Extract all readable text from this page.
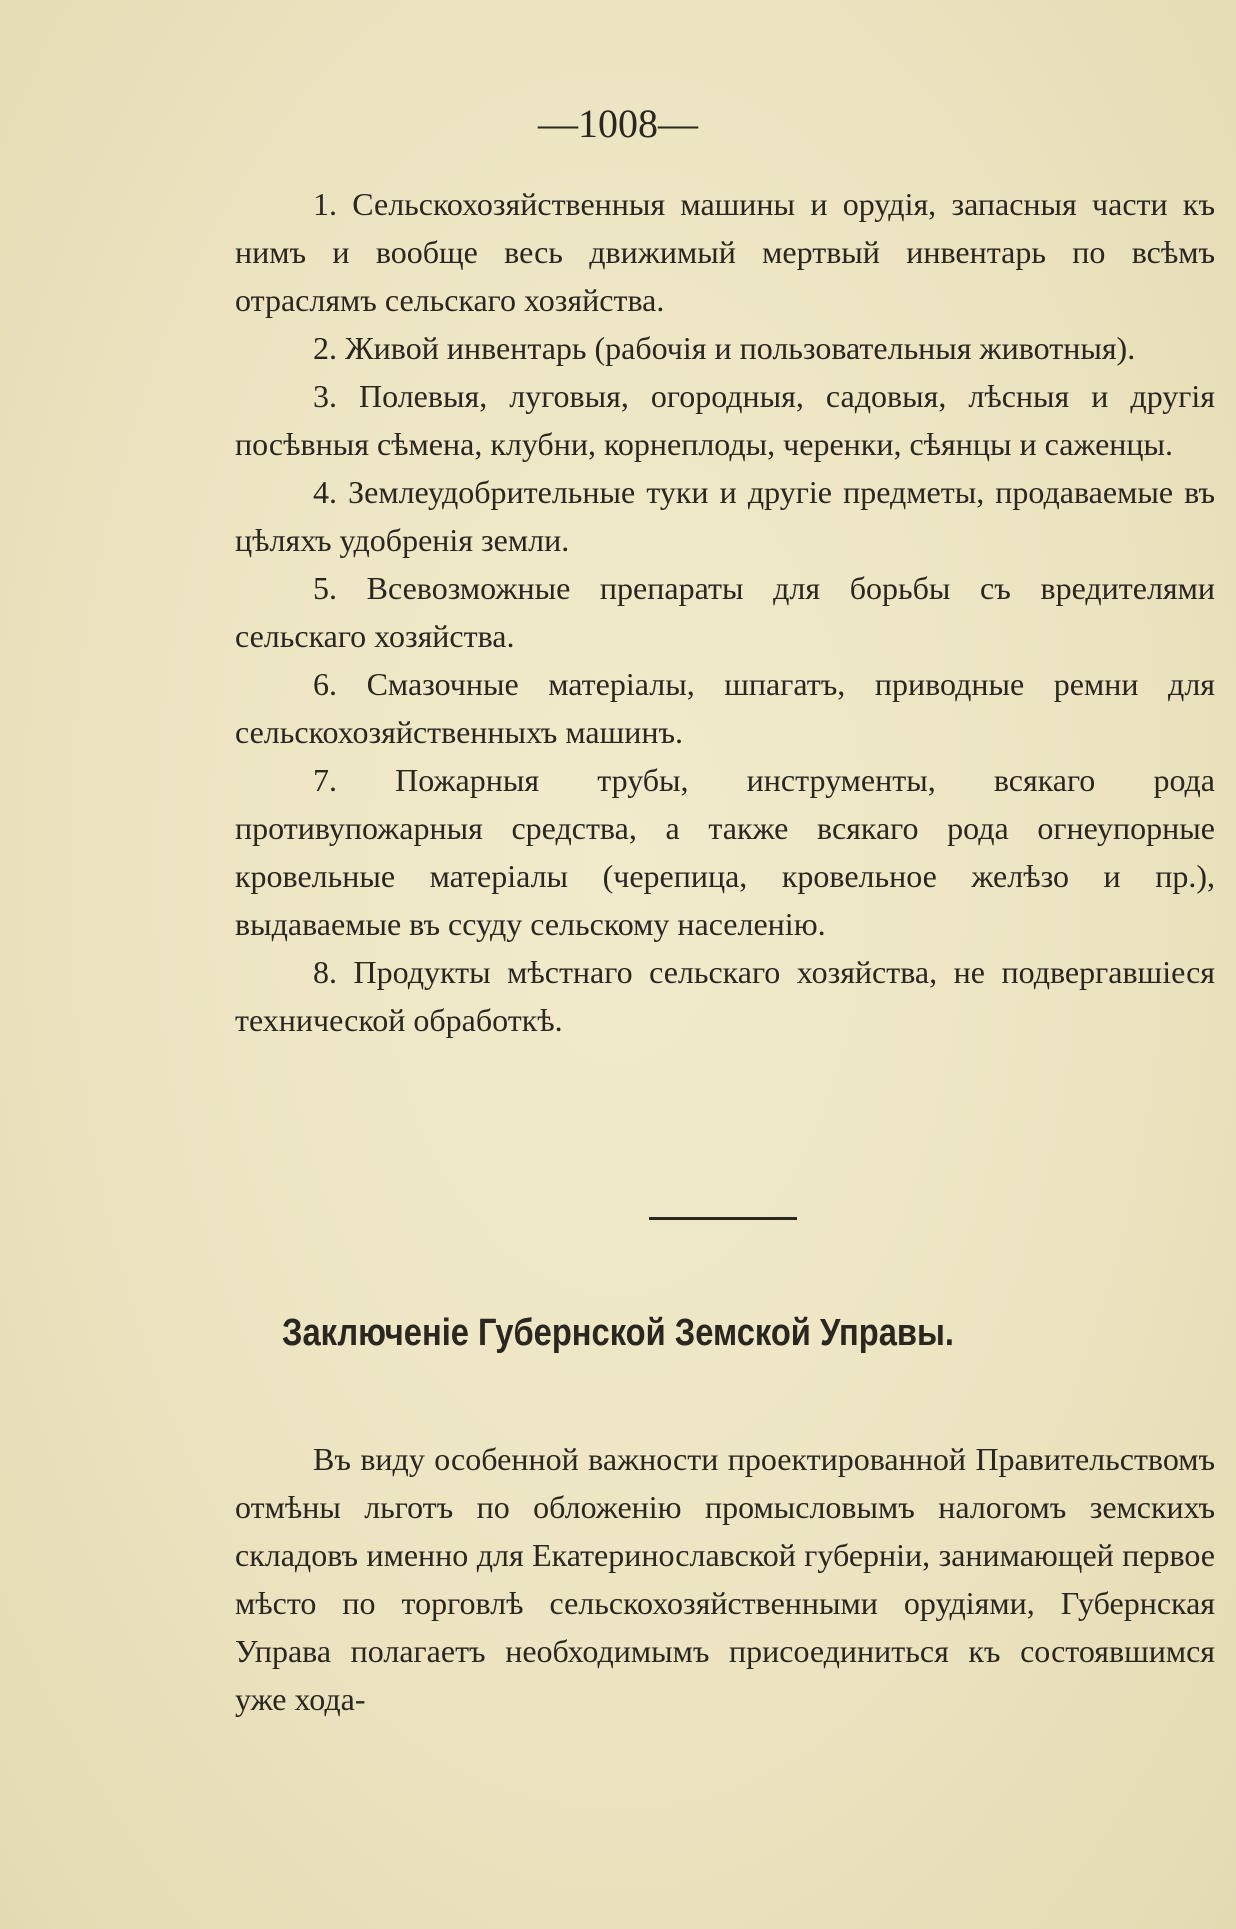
—1008—

1. Сельскохозяйственныя машины и орудія, запасныя части къ нимъ и вообще весь движимый мертвый инвентарь по всѣмъ отраслямъ сельскаго хозяйства.

2. Живой инвентарь (рабочія и пользовательныя животныя).

3. Полевыя, луговыя, огородныя, садовыя, лѣсныя и другія посѣвныя сѣмена, клубни, корнеплоды, черенки, сѣянцы и саженцы.

4. Землеудобрительные туки и другіе предметы, продаваемые въ цѣляхъ удобренія земли.

5. Всевозможные препараты для борьбы съ вредителями сельскаго хозяйства.

6. Смазочные матеріалы, шпагатъ, приводные ремни для сельскохозяйственныхъ машинъ.

7. Пожарныя трубы, инструменты, всякаго рода противупожарныя средства, а также всякаго рода огнеупорные кровельные матеріалы (черепица, кровельное желѣзо и пр.), выдаваемые въ ссуду сельскому населенію.

8. Продукты мѣстнаго сельскаго хозяйства, не подвергавшіеся технической обработкѣ.

Заключеніе Губернской Земской Управы.

Въ виду особенной важности проектированной Правительствомъ отмѣны льготъ по обложенію промысловымъ налогомъ земскихъ складовъ именно для Екатеринославской губерніи, занимающей первое мѣсто по торговлѣ сельскохозяйственными орудіями, Губернская Управа полагаетъ необходимымъ присоединиться къ состоявшимся уже хода-
